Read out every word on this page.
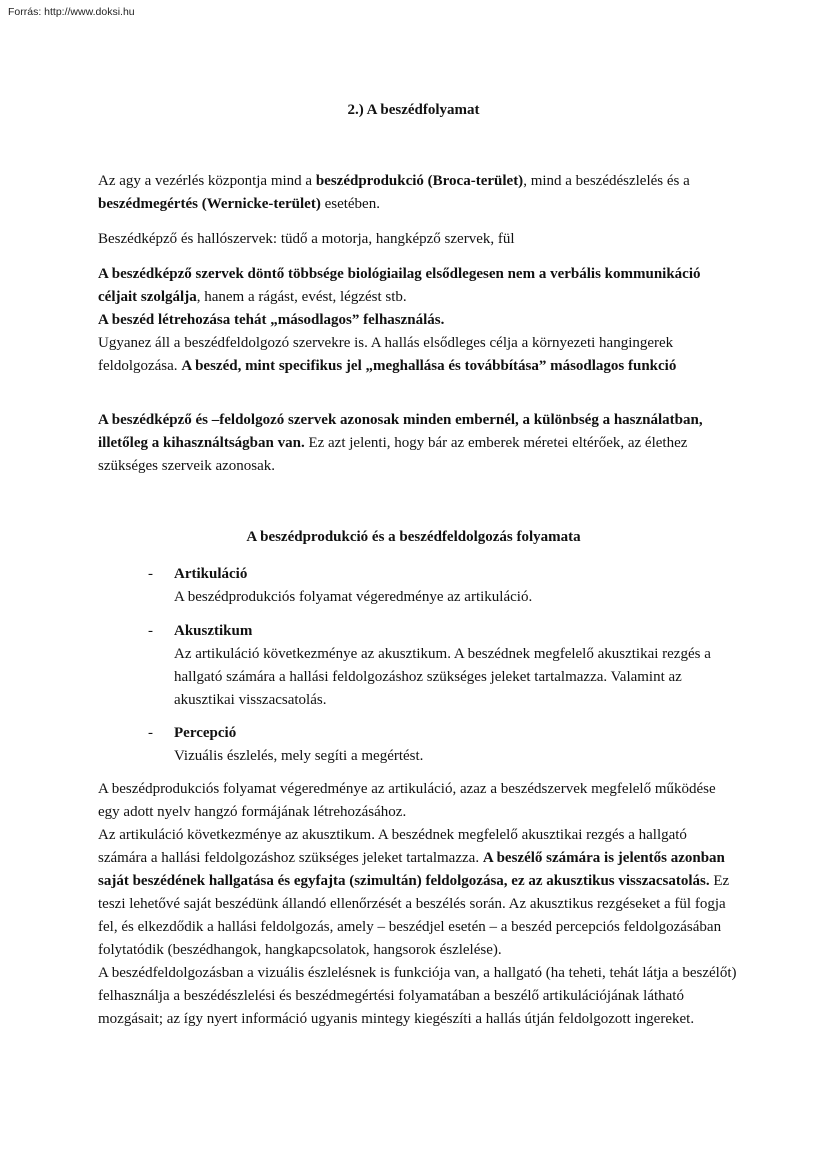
Forrás: http://www.doksi.hu
2.) A beszédfolyamat

Az agy a vezérlés központja mind a beszédprodukció (Broca-terület), mind a beszédészlelés és a beszédmegértés (Wernicke-terület) esetében.

Beszédképző és hallószervek: tüdő a motorja, hangképző szervek, fül

A beszédképző szervek döntő többsége biológiailag elsődlegesen nem a verbális kommunikáció céljait szolgálja, hanem a rágást, evést, légzést stb.
A beszéd létrehozása tehát „másodlagos” felhasználás.
Ugyanez áll a beszédfeldolgozó szervekre is. A hallás elsődleges célja a környezeti hangingerek feldolgozása. A beszéd, mint specifikus jel „meghallása és továbbítása” másodlagos funkció

A beszédképző és –feldolgozó szervek azonosak minden embernél, a különbség a használatban, illetőleg a kihasználtságban van. Ez azt jelenti, hogy bár az emberek méretei eltérőek, az élethez szükséges szerveik azonosak.

A beszédprodukció és a beszédfeldolgozás folyamata
- Artikuláció
A beszédprodukciós folyamat végeredménye az artikuláció.
- Akusztikum
Az artikuláció következménye az akusztikum. A beszédnek megfelelő akusztikai rezgés a hallgató számára a hallási feldolgozáshoz szükséges jeleket tartalmazza. Valamint az akusztikai visszacsatolás.
- Percepció
Vizuális észlelés, mely segíti a megértést.
A beszédprodukciós folyamat végeredménye az artikuláció, azaz a beszédszervek megfelelő működése egy adott nyelv hangzó formájának létrehozásához.
Az artikuláció következménye az akusztikum. A beszédnek megfelelő akusztikai rezgés a hallgató számára a hallási feldolgozáshoz szükséges jeleket tartalmazza. A beszélő számára is jelentős azonban saját beszédének hallgatása és egyfajta (szimultán) feldolgozása, ez az akusztikus visszacsatolás. Ez teszi lehetővé saját beszédünk állandó ellenőrzését a beszélés során. Az akusztikus rezgéseket a fül fogja fel, és elkezdődik a hallási feldolgozás, amely – beszédjel esetén – a beszéd percepciós feldolgozásában folytatódik (beszédhangok, hangkapcsolatok, hangsorok észlelése).
A beszédfeldolgozásban a vizuális észlelésnek is funkciója van, a hallgató (ha teheti, tehát látja a beszélőt) felhasználja a beszédészlelési és beszédmegértési folyamatában a beszélő artikulációjának látható mozgásait; az így nyert információ ugyanis mintegy kiegészíti a hallás útján feldolgozott ingereket.
